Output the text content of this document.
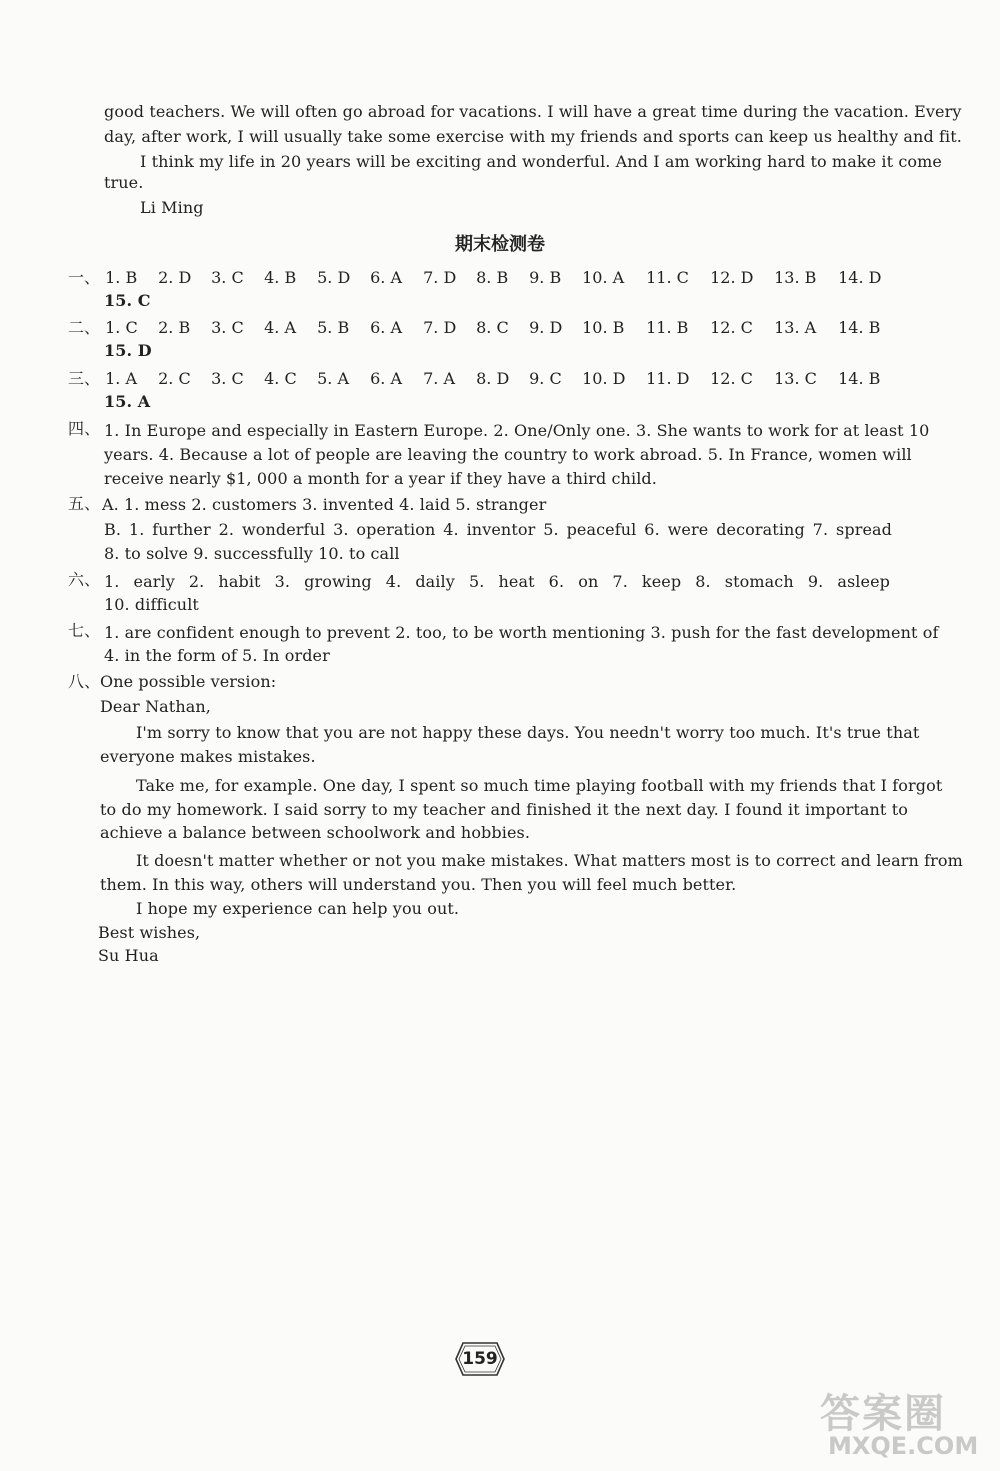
good teachers. We will often go abroad for vacations. I will have a great time during the vacation. Every
day, after work, I will usually take some exercise with my friends and sports can keep us healthy and fit.
I think my life in 20 years will be exciting and wonderful. And I am working hard to make it come
true.
Li Ming
期末检测卷
一、 1. B 2. D 3. C 4. B 5. D 6. A 7. D 8. B 9. B 10. A 11. C 12. D 13. B 14. D
15. C
二、 1. C 2. B 3. C 4. A 5. B 6. A 7. D 8. C 9. D 10. B 11. B 12. C 13. A 14. B
15. D
三、 1. A 2. C 3. C 4. C 5. A 6. A 7. A 8. D 9. C 10. D 11. D 12. C 13. C 14. B
15. A
四、 1. In Europe and especially in Eastern Europe. 2. One/Only one. 3. She wants to work for at least 10
years. 4. Because a lot of people are leaving the country to work abroad. 5. In France, women will
receive nearly $1, 000 a month for a year if they have a third child.
五、 A. 1. mess 2. customers 3. invented 4. laid 5. stranger
B. 1. further 2. wonderful 3. operation 4. inventor 5. peaceful 6. were decorating 7. spread
8. to solve 9. successfully 10. to call
六、 1. early 2. habit 3. growing 4. daily 5. heat 6. on 7. keep 8. stomach 9. asleep
10. difficult
七、 1. are confident enough to prevent 2. too, to be worth mentioning 3. push for the fast development of
4. in the form of 5. In order
八、 One possible version:
Dear Nathan,
I'm sorry to know that you are not happy these days. You needn't worry too much. It's true that
everyone makes mistakes.
Take me, for example. One day, I spent so much time playing football with my friends that I forgot
to do my homework. I said sorry to my teacher and finished it the next day. I found it important to
achieve a balance between schoolwork and hobbies.
It doesn't matter whether or not you make mistakes. What matters most is to correct and learn from
them. In this way, others will understand you. Then you will feel much better.
I hope my experience can help you out.
Best wishes,
Su Hua
159
答案圈
MXQE.COM
